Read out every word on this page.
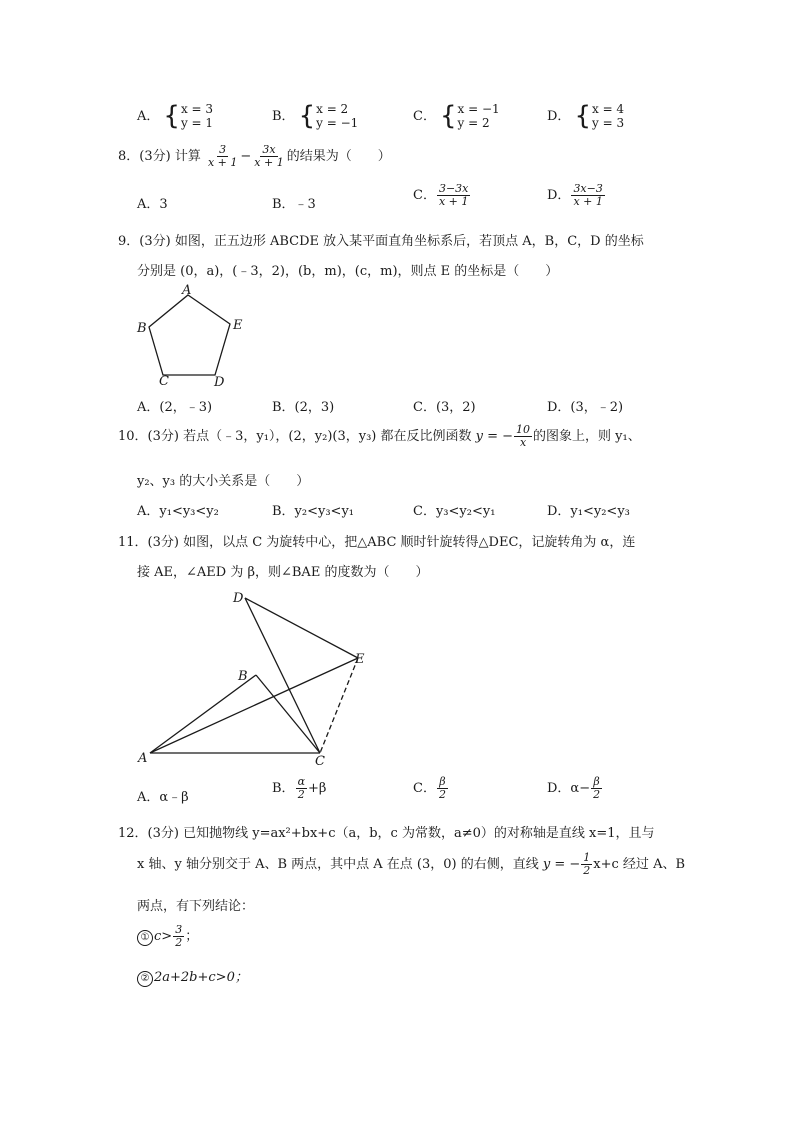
A． { x = 3
y = 1	B． { x = 2
y = −1	C． { x = −1
y = 2	D． { x = 4
y = 3
8．(3分) 计算 $\frac{3}{x + 1} - \frac{3x}{x + 1}$ 的结果为（　　）
A．3	B．﹣3
C． $\frac{3-3x}{x + 1}$	D． $\frac{3x-3}{x + 1}$
9．(3分) 如图，正五边形 ABCDE 放入某平面直角坐标系后，若顶点 A，B，C，D 的坐标
分别是 (0，a)，(﹣3，2)，(b，m)，(c，m)，则点 E 的坐标是（　　）
A
B
C	D
E
A．(2，﹣3)	B．(2，3)	C．(3，2)	D．(3，﹣2)
10．(3分) 若点（﹣3，y₁），(2，y₂)(3，y₃) 都在反比例函数 y = − $\frac{10}{x}$ 的图象上，则 y₁、
y₂、y₃ 的大小关系是（　　）
A．y₁<y₃<y₂	B．y₂<y₃<y₁	C．y₃<y₂<y₁	D．y₁<y₂<y₃
11．(3分) 如图，以点 C 为旋转中心，把△ABC 顺时针旋转得△DEC，记旋转角为 α，连
接 AE，∠AED 为 β，则∠BAE 的度数为（　　）
D
E
B
A	C
A．α﹣β
B． $\frac{\alpha}{2} +\beta$	C． $\frac{\beta}{2}$	D．$\alpha- \frac{\beta}{2}$
12．(3分) 已知抛物线 y=ax²+bx+c（a，b，c 为常数，a≠0）的对称轴是直线 x=1，且与
x 轴、y 轴分别交于 A、B 两点，其中点 A 在点 (3，0) 的右侧，直线 y = − $\frac{1}{2} x+c$ 经过 A、B
两点，有下列结论：
① $c> \frac{3}{2}$ ；
② 2a+2b+c>0；
